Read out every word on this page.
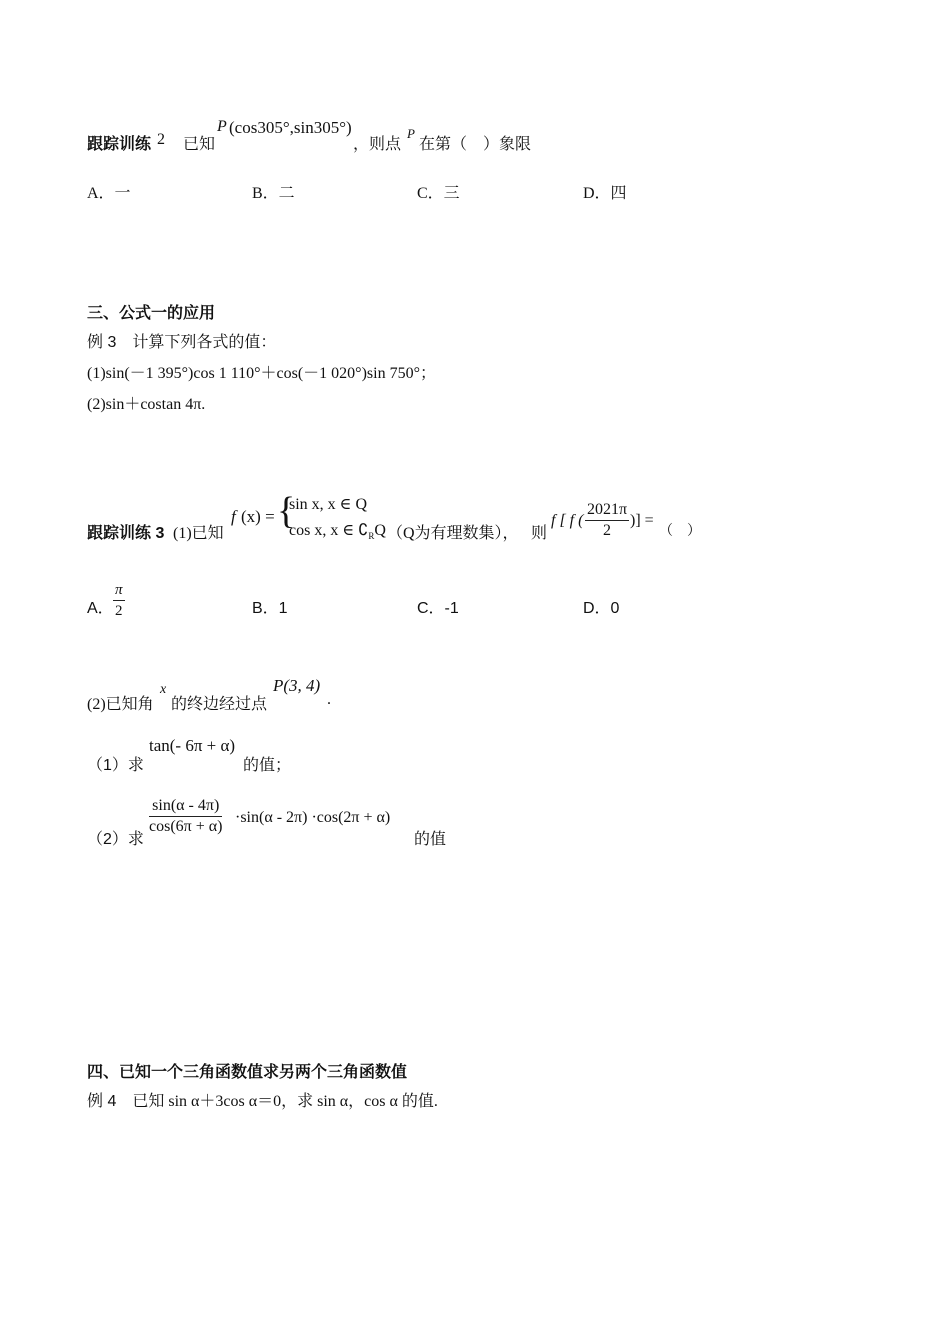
跟踪训练 2 已知
P (cos305°,sin305°)
，则点
P
在第（　）象限
A．一	B．二	C．三	D．四
三、公式一的应用
例 3 计算下列各式的值：
(1)sin(－1 395°)cos 1 110°＋cos(－1 020°)sin 750°；
(2)sin＋costan 4π.
跟踪训练 3 (1)已知
f (x) = {
sin x, x ∈ Q
cos x, x ∈ $∁_RQ$ （Q为有理数集）， 则
f [ f ( $\frac{2021\pi}{2}$ )] =
（　）
A． $\frac{\pi}{2}$	B．1	C．-1	D．0
(2)已知角
x
的终边经过点
P(3, 4)
.
（1）求
tan(- 6π + α)
的值；
（2）求
$\frac{\sin(\alpha - 4\pi)}{\cos(6\pi + \alpha)} \cdot\sin(\alpha - 2\pi) \cdot\cos(2\pi + \alpha)$
的值
四、已知一个三角函数值求另两个三角函数值
例 4 已知 sin α＋3cos α＝0，求 sin α，cos α 的值.
